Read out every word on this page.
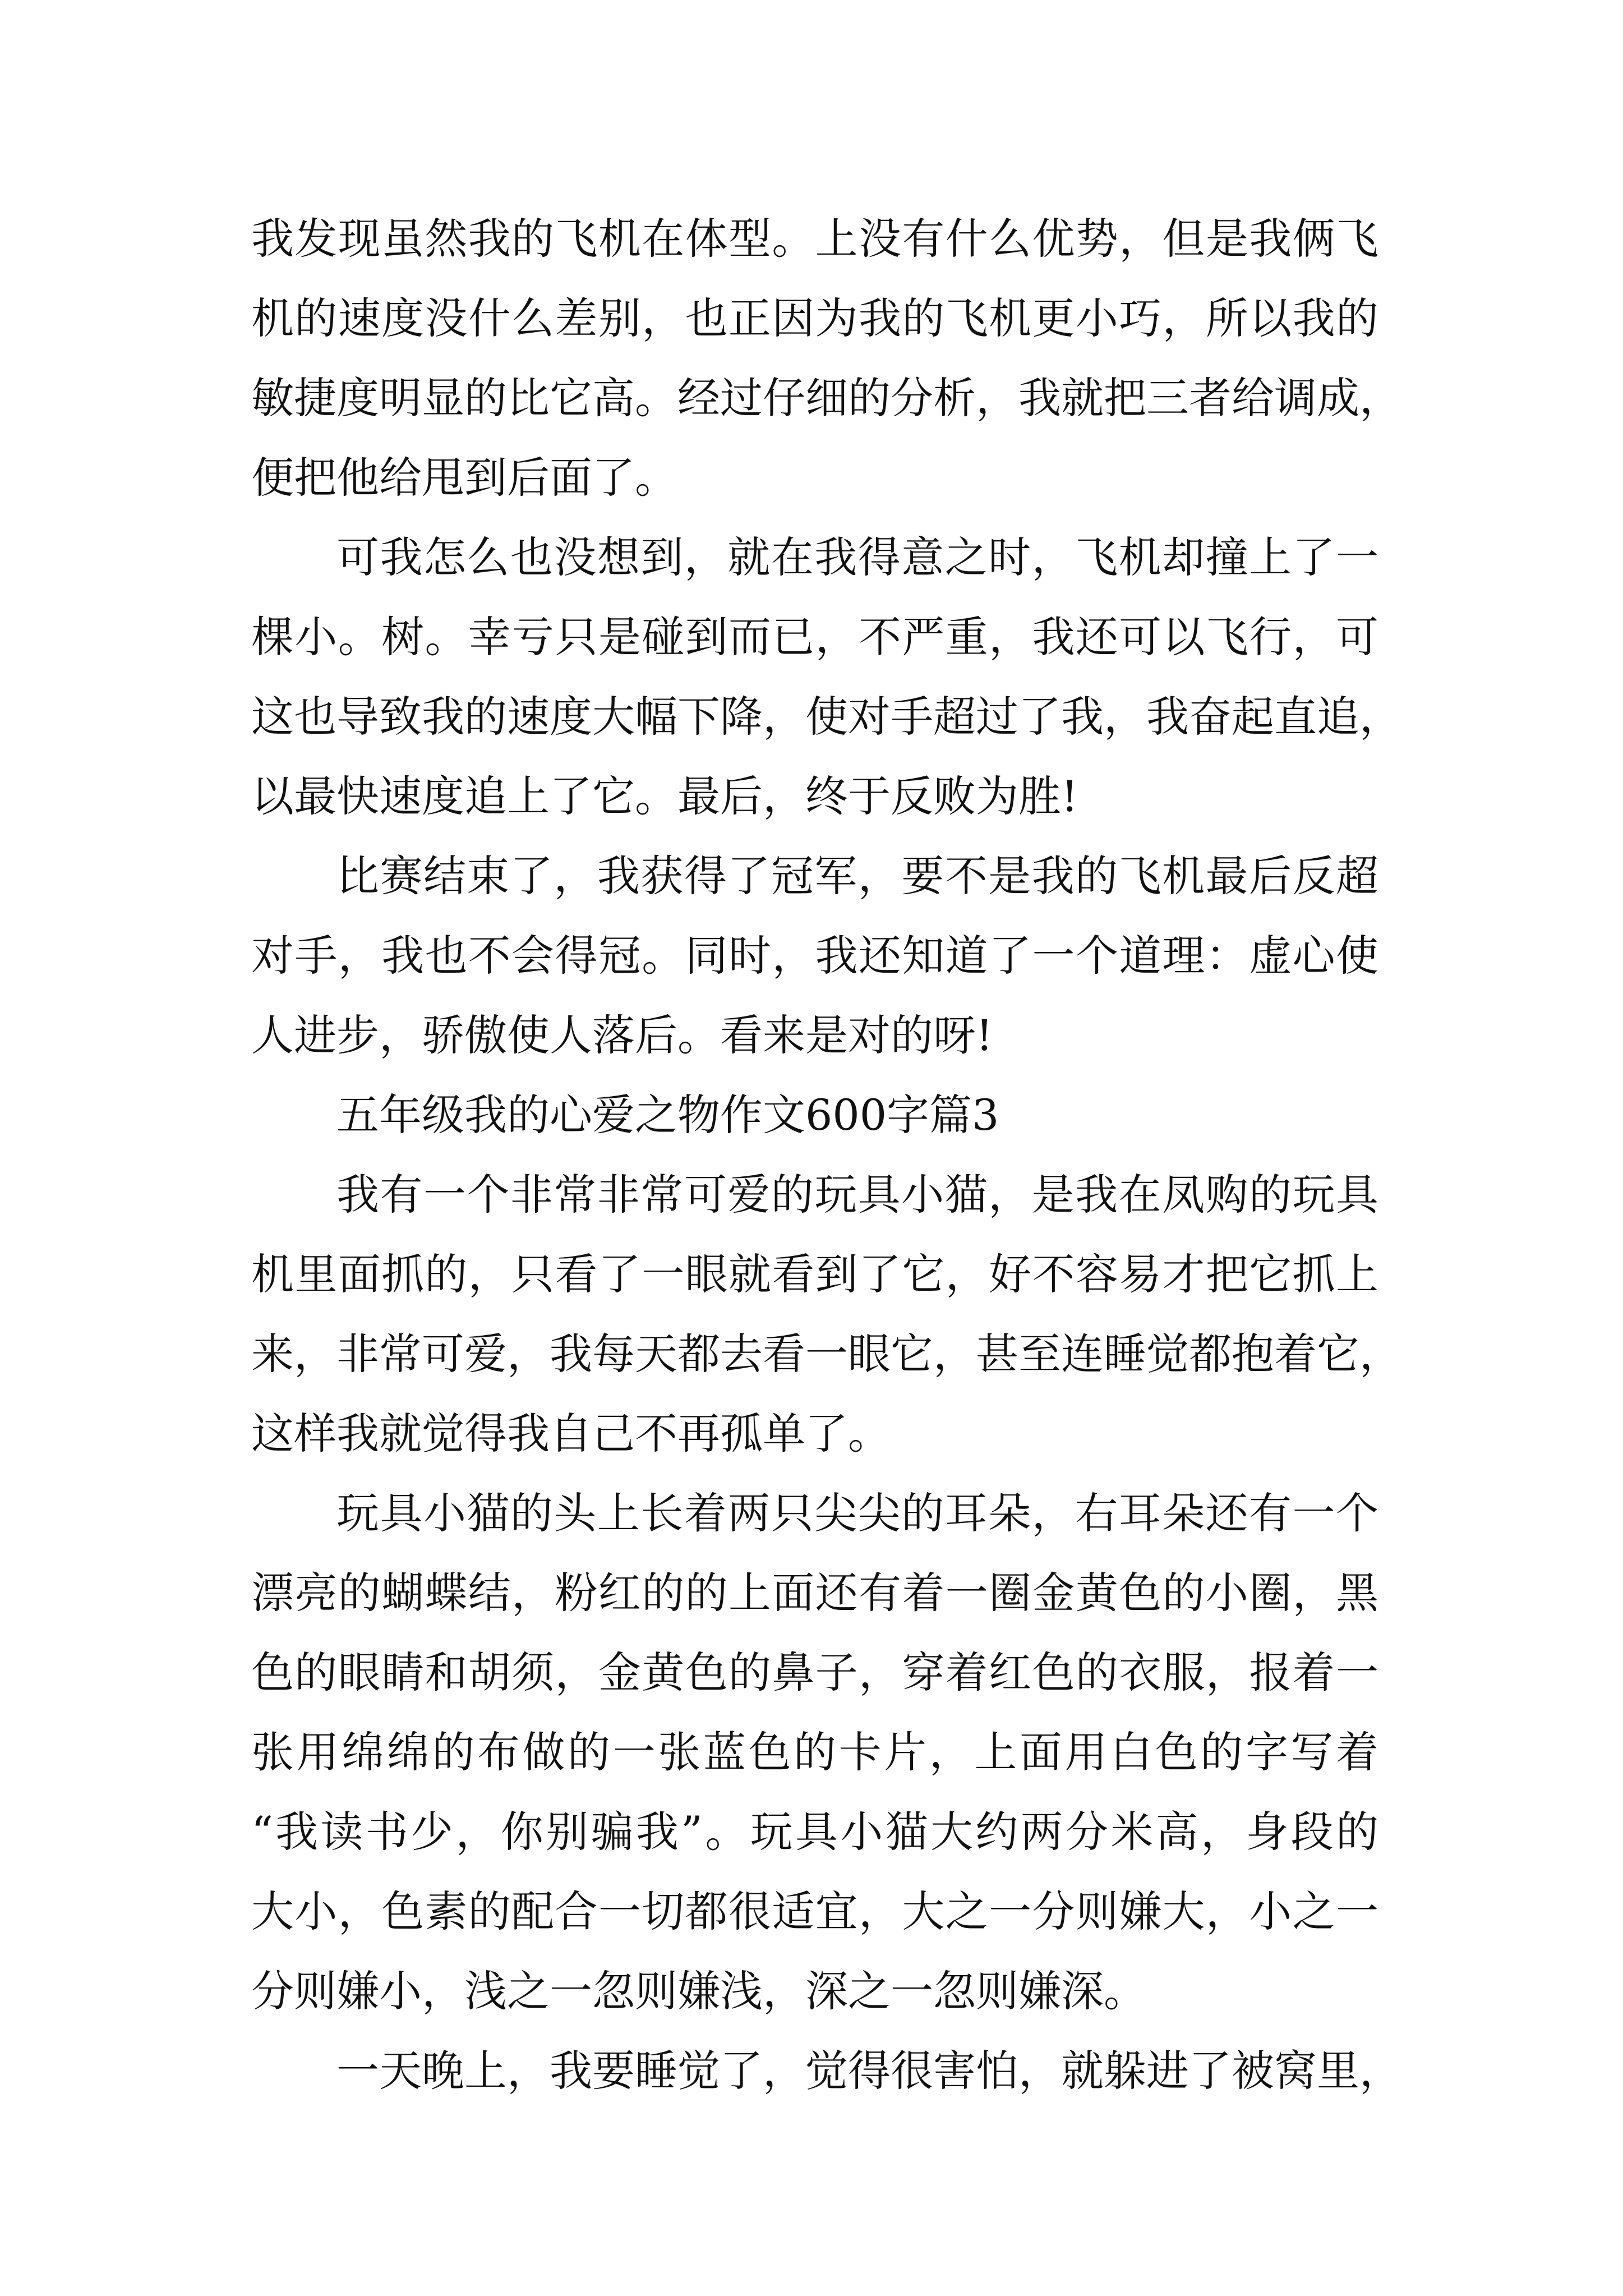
我发现虽然我的飞机在体型。上没有什么优势，但是我俩飞
机的速度没什么差别，也正因为我的飞机更小巧，所以我的
敏捷度明显的比它高。经过仔细的分析，我就把三者给调成，
便把他给甩到后面了。
可我怎么也没想到，就在我得意之时，飞机却撞上了一
棵小。树。幸亏只是碰到而已，不严重，我还可以飞行，可
这也导致我的速度大幅下降，使对手超过了我，我奋起直追，
以最快速度追上了它。最后，终于反败为胜!
比赛结束了，我获得了冠军，要不是我的飞机最后反超
对手，我也不会得冠。同时，我还知道了一个道理：虚心使
人进步，骄傲使人落后。看来是对的呀!
五年级我的心爱之物作文600字篇3
我有一个非常非常可爱的玩具小猫，是我在凤购的玩具
机里面抓的，只看了一眼就看到了它，好不容易才把它抓上
来，非常可爱，我每天都去看一眼它，甚至连睡觉都抱着它，
这样我就觉得我自己不再孤单了。
玩具小猫的头上长着两只尖尖的耳朵，右耳朵还有一个
漂亮的蝴蝶结，粉红的的上面还有着一圈金黄色的小圈，黑
色的眼睛和胡须，金黄色的鼻子，穿着红色的衣服，报着一
张用绵绵的布做的一张蓝色的卡片，上面用白色的字写着
“我读书少，你别骗我”。玩具小猫大约两分米高，身段的
大小，色素的配合一切都很适宜，大之一分则嫌大，小之一
分则嫌小，浅之一忽则嫌浅，深之一忽则嫌深。
一天晚上，我要睡觉了，觉得很害怕，就躲进了被窝里，
